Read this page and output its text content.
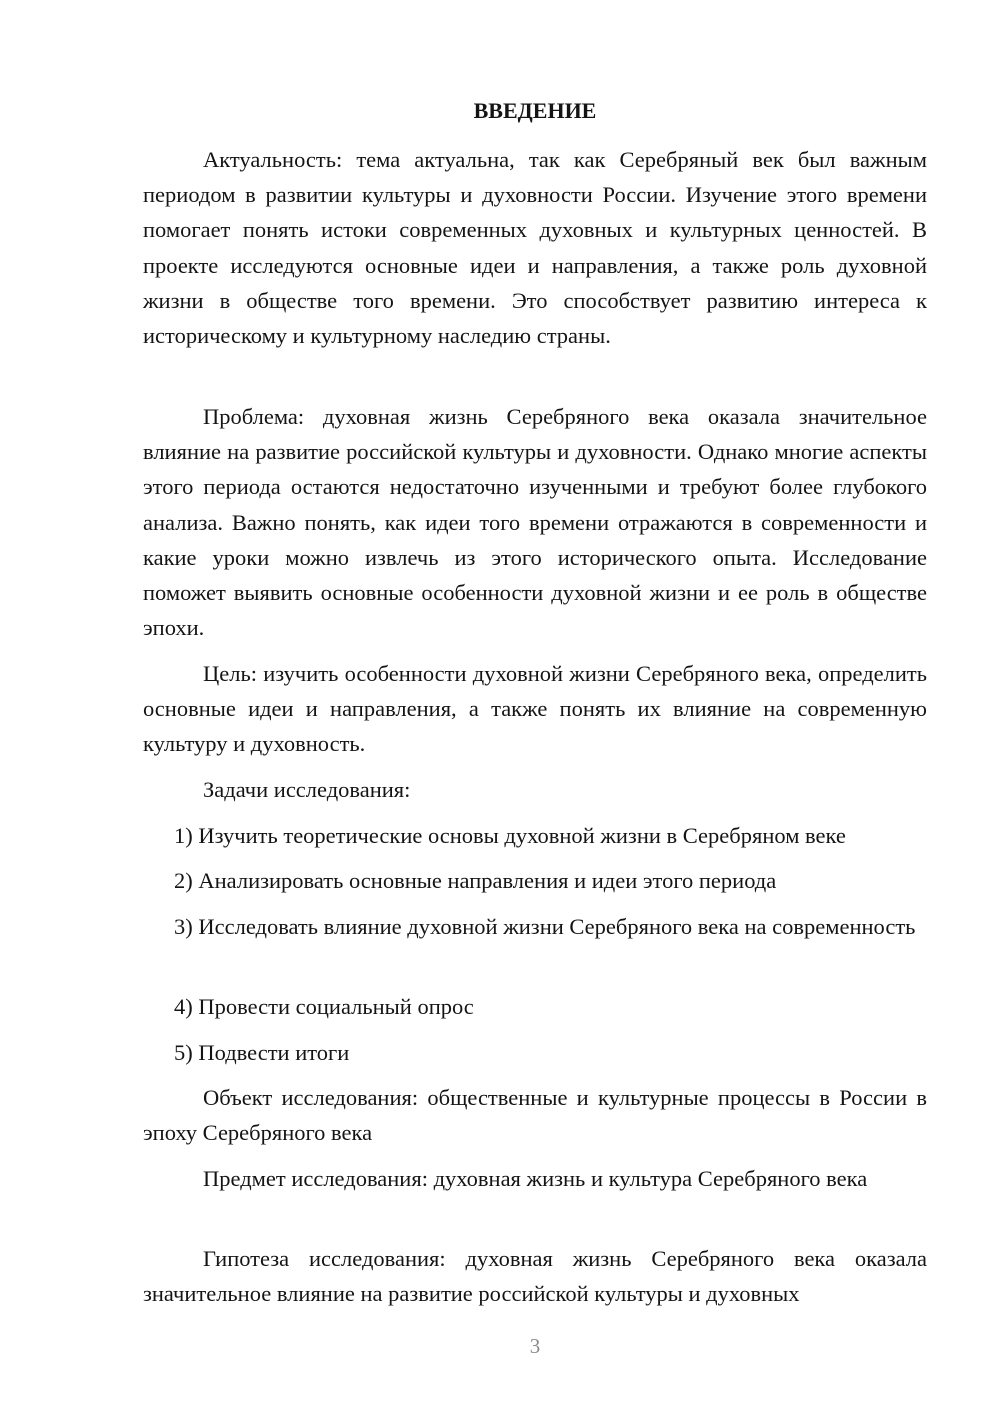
ВВЕДЕНИЕ

Актуальность: тема актуальна, так как Серебряный век был важным периодом в развитии культуры и духовности России. Изучение этого времени помогает понять истоки современных духовных и культурных ценностей. В проекте исследуются основные идеи и направления, а также роль духовной жизни в обществе того времени. Это способствует развитию интереса к историческому и культурному наследию страны.

Проблема: духовная жизнь Серебряного века оказала значительное влияние на развитие российской культуры и духовности. Однако многие аспекты этого периода остаются недостаточно изученными и требуют более глубокого анализа. Важно понять, как идеи того времени отражаются в современности и какие уроки можно извлечь из этого исторического опыта. Исследование поможет выявить основные особенности духовной жизни и ее роль в обществе эпохи.

Цель: изучить особенности духовной жизни Серебряного века, определить основные идеи и направления, а также понять их влияние на современную культуру и духовность.

Задачи исследования:

1) Изучить теоретические основы духовной жизни в Серебряном веке

2) Анализировать основные направления и идеи этого периода

3) Исследовать влияние духовной жизни Серебряного века на современность

4) Провести социальный опрос

5) Подвести итоги

Объект исследования: общественные и культурные процессы в России в эпоху Серебряного века

Предмет исследования: духовная жизнь и культура Серебряного века

Гипотеза исследования: духовная жизнь Серебряного века оказала значительное влияние на развитие российской культуры и духовных

3
